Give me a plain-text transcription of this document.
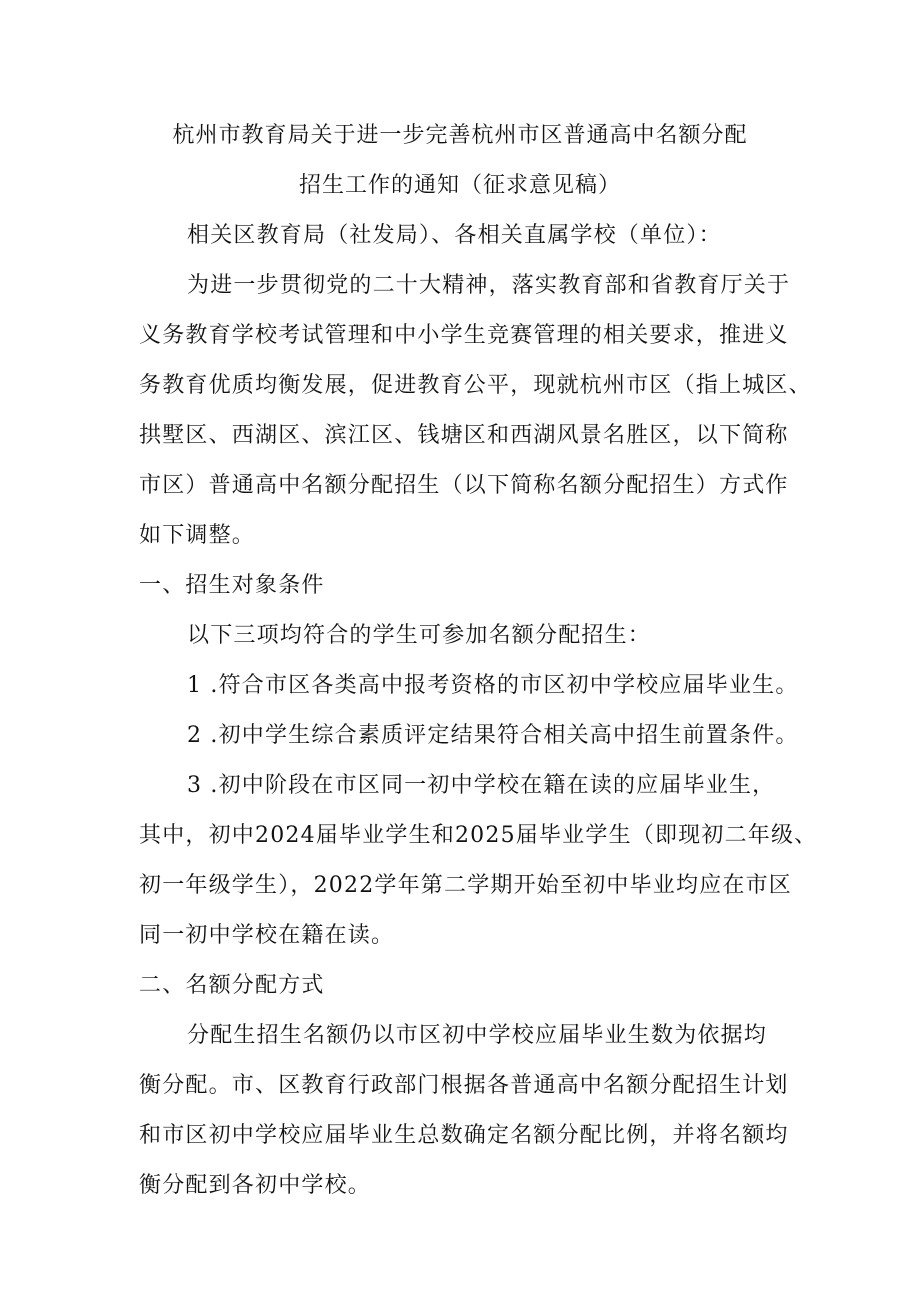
杭州市教育局关于进一步完善杭州市区普通高中名额分配
招生工作的通知（征求意见稿）
相关区教育局（社发局）、各相关直属学校（单位）：
为进一步贯彻党的二十大精神，落实教育部和省教育厅关于
义务教育学校考试管理和中小学生竞赛管理的相关要求，推进义
务教育优质均衡发展，促进教育公平，现就杭州市区（指上城区、
拱墅区、西湖区、滨江区、钱塘区和西湖风景名胜区，以下简称
市区）普通高中名额分配招生（以下简称名额分配招生）方式作
如下调整。
一、招生对象条件
以下三项均符合的学生可参加名额分配招生：
1 .符合市区各类高中报考资格的市区初中学校应届毕业生。
2 .初中学生综合素质评定结果符合相关高中招生前置条件。
3 .初中阶段在市区同一初中学校在籍在读的应届毕业生，
其中，初中2024届毕业学生和2025届毕业学生（即现初二年级、
初一年级学生），2022学年第二学期开始至初中毕业均应在市区
同一初中学校在籍在读。
二、名额分配方式
分配生招生名额仍以市区初中学校应届毕业生数为依据均
衡分配。市、区教育行政部门根据各普通高中名额分配招生计划
和市区初中学校应届毕业生总数确定名额分配比例，并将名额均
衡分配到各初中学校。
